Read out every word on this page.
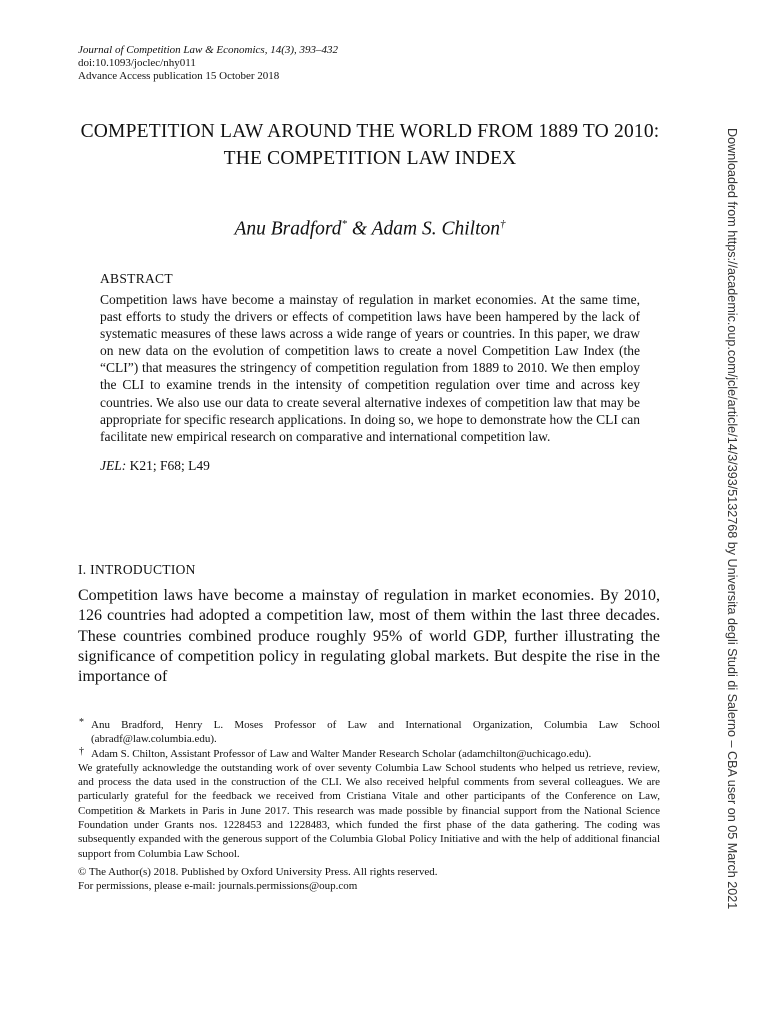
Journal of Competition Law & Economics, 14(3), 393–432
doi:10.1093/joclec/nhy011
Advance Access publication 15 October 2018
COMPETITION LAW AROUND THE WORLD FROM 1889 TO 2010: THE COMPETITION LAW INDEX
Anu Bradford* & Adam S. Chilton†
ABSTRACT

Competition laws have become a mainstay of regulation in market economies. At the same time, past efforts to study the drivers or effects of competition laws have been hampered by the lack of systematic measures of these laws across a wide range of years or countries. In this paper, we draw on new data on the evolution of competition laws to create a novel Competition Law Index (the “CLI”) that measures the stringency of competition regulation from 1889 to 2010. We then employ the CLI to examine trends in the intensity of competition regulation over time and across key countries. We also use our data to create several alternative indexes of competition law that may be appropriate for specific research applications. In doing so, we hope to demonstrate how the CLI can facilitate new empirical research on comparative and international competition law.

JEL: K21; F68; L49
I. INTRODUCTION

Competition laws have become a mainstay of regulation in market economies. By 2010, 126 countries had adopted a competition law, most of them within the last three decades. These countries combined produce roughly 95% of world GDP, further illustrating the significance of competition policy in regulating global markets. But despite the rise in the importance of

* Anu Bradford, Henry L. Moses Professor of Law and International Organization, Columbia Law School (abradf@law.columbia.edu).

† Adam S. Chilton, Assistant Professor of Law and Walter Mander Research Scholar (adamchilton@uchicago.edu).

We gratefully acknowledge the outstanding work of over seventy Columbia Law School students who helped us retrieve, review, and process the data used in the construction of the CLI. We also received helpful comments from several colleagues. We are particularly grateful for the feedback we received from Cristiana Vitale and other participants of the Conference on Law, Competition & Markets in Paris in June 2017. This research was made possible by financial support from the National Science Foundation under Grants nos. 1228453 and 1228483, which funded the first phase of the data gathering. The coding was subsequently expanded with the generous support of the Columbia Global Policy Initiative and with the help of additional financial support from Columbia Law School.

© The Author(s) 2018. Published by Oxford University Press. All rights reserved.
For permissions, please e-mail: journals.permissions@oup.com	Downloaded from https://academic.oup.com/jcle/article/14/3/393/5132768 by Universita degli Studi di Salerno – CBA user on 05 March 2021
